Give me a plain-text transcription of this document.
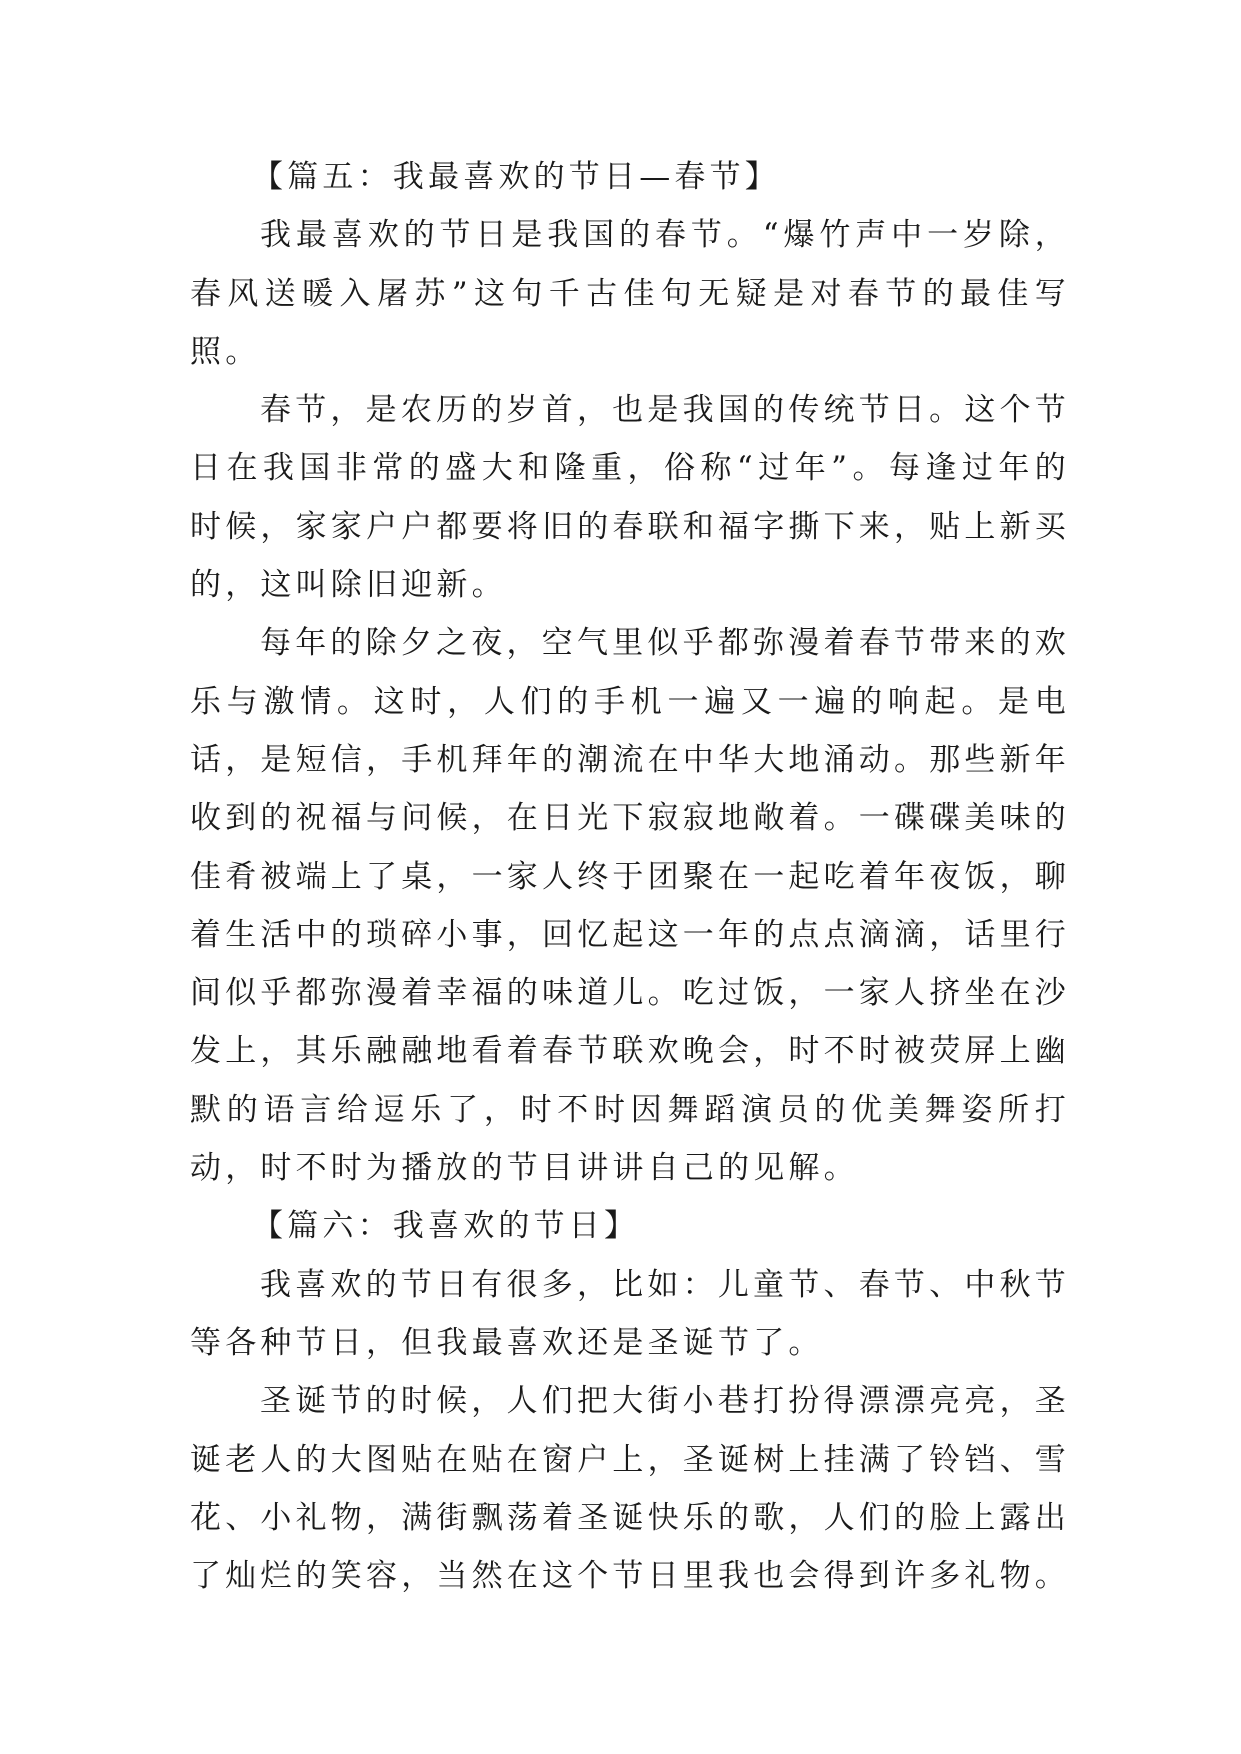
【篇五：我最喜欢的节日—春节】

我最喜欢的节日是我国的春节。“爆竹声中一岁除，春风送暖入屠苏”这句千古佳句无疑是对春节的最佳写照。

春节，是农历的岁首，也是我国的传统节日。这个节日在我国非常的盛大和隆重，俗称“过年”。每逢过年的时候，家家户户都要将旧的春联和福字撕下来，贴上新买的，这叫除旧迎新。

每年的除夕之夜，空气里似乎都弥漫着春节带来的欢乐与激情。这时，人们的手机一遍又一遍的响起。是电话，是短信，手机拜年的潮流在中华大地涌动。那些新年收到的祝福与问候，在日光下寂寂地敞着。一碟碟美味的佳肴被端上了桌，一家人终于团聚在一起吃着年夜饭，聊着生活中的琐碎小事，回忆起这一年的点点滴滴，话里行间似乎都弥漫着幸福的味道儿。吃过饭，一家人挤坐在沙发上，其乐融融地看着春节联欢晚会，时不时被荧屏上幽默的语言给逗乐了，时不时因舞蹈演员的优美舞姿所打动，时不时为播放的节目讲讲自己的见解。

【篇六：我喜欢的节日】

我喜欢的节日有很多，比如：儿童节、春节、中秋节等各种节日，但我最喜欢还是圣诞节了。

圣诞节的时候，人们把大街小巷打扮得漂漂亮亮，圣诞老人的大图贴在贴在窗户上，圣诞树上挂满了铃铛、雪花、小礼物，满街飘荡着圣诞快乐的歌，人们的脸上露出了灿烂的笑容，当然在这个节日里我也会得到许多礼物。
